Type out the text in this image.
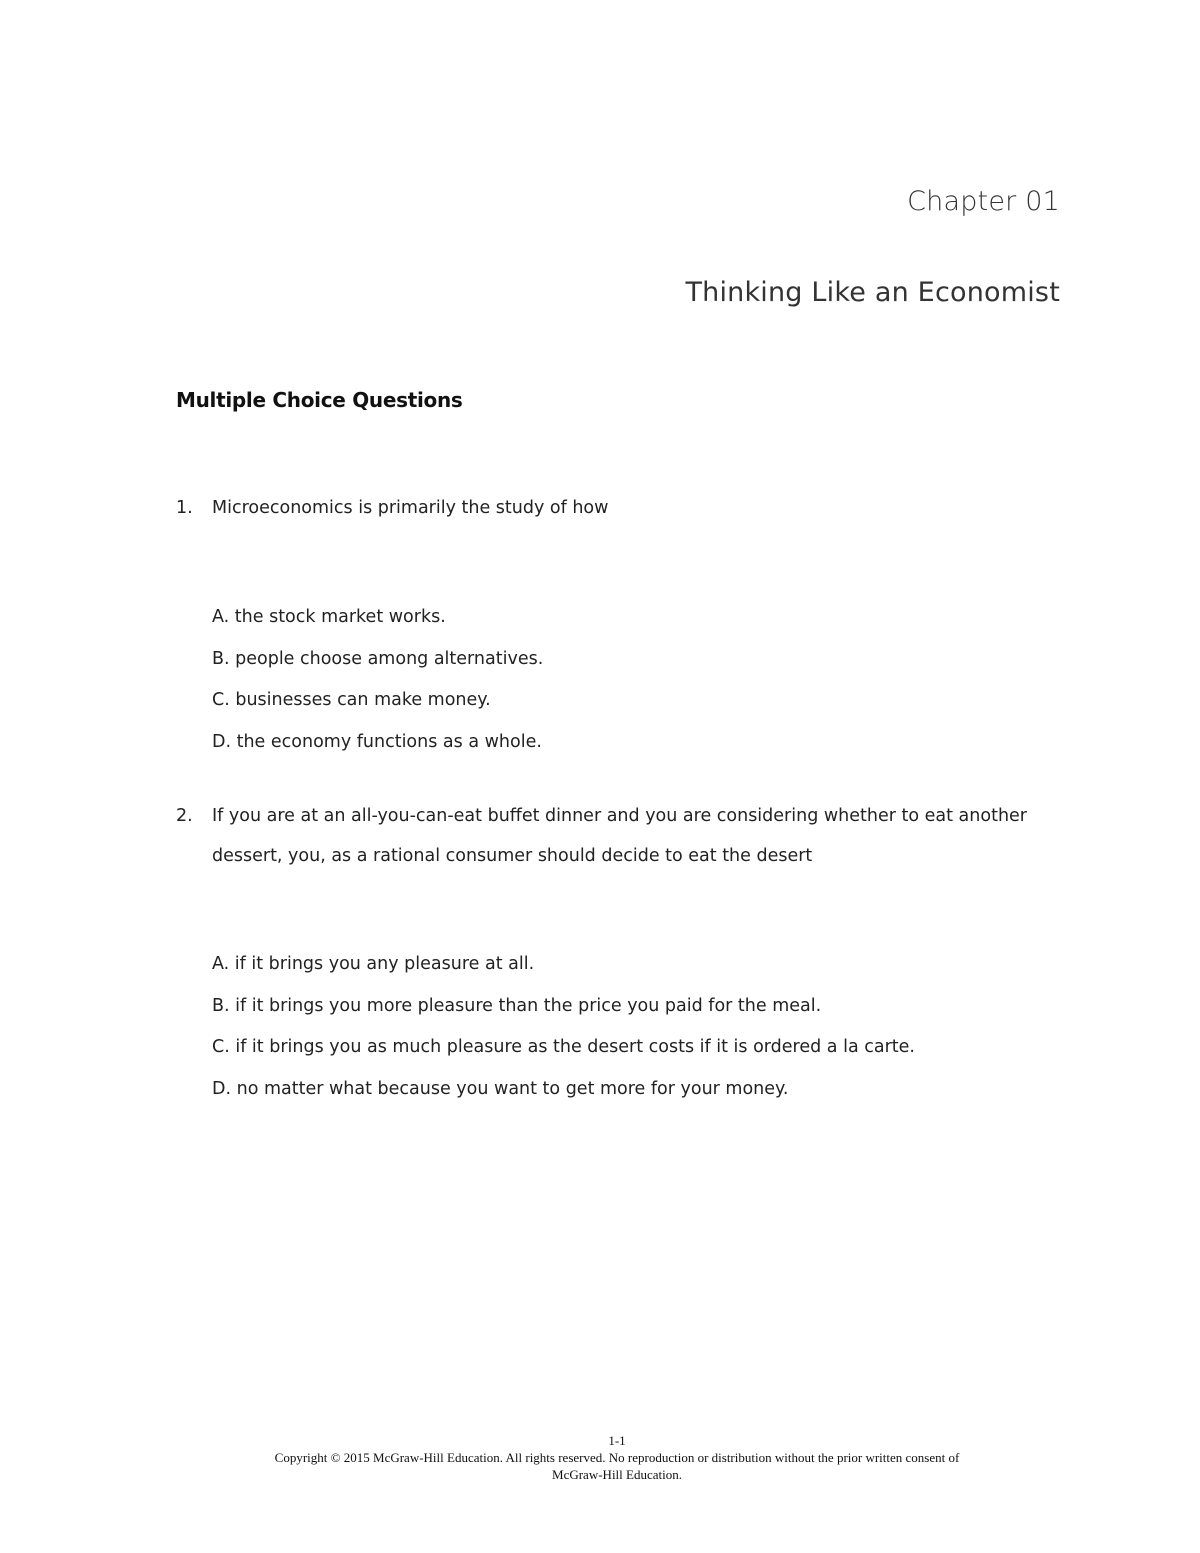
Chapter 01
Thinking Like an Economist
Multiple Choice Questions
1. Microeconomics is primarily the study of how
A. the stock market works.
B. people choose among alternatives.
C. businesses can make money.
D. the economy functions as a whole.
2. If you are at an all-you-can-eat buffet dinner and you are considering whether to eat another dessert, you, as a rational consumer should decide to eat the desert
A. if it brings you any pleasure at all.
B. if it brings you more pleasure than the price you paid for the meal.
C. if it brings you as much pleasure as the desert costs if it is ordered a la carte.
D. no matter what because you want to get more for your money.
1-1
Copyright © 2015 McGraw-Hill Education. All rights reserved. No reproduction or distribution without the prior written consent of
McGraw-Hill Education.
